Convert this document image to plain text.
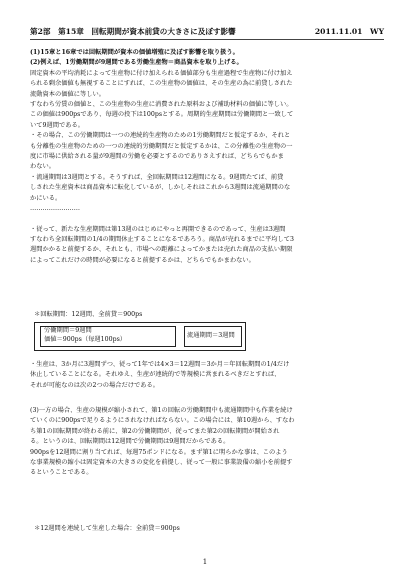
第2部　第15章　回転期間が資本前貸の大きさに及ぼす影響	2011.11.01　WY
(1)15章と16章では回転期間が資本の価値増殖に及ぼす影響を取り扱う。
(2)例えば、1労働期間が9週間である労働生産物＝商品資本を取り上げる。
固定資本の平均消耗によって生産物に付け加えられる価値部分も生産過程で生産物に付け加え
られる剰余価値も無視することにすれば、この生産物の価値は、その生産の為に前貸しされた
流動資本の価値に等しい。
すなわち労賃の価値と、この生産物の生産に消費された原料および補助材料の価値に等しい。
この価値は900psであり、毎週の投下は100psとする。周期的生産期間は労働期間と一致して
いて9週間である。
・その場合、この労働期間は一つの連続的生産物のための1労働期間だと仮定するか、それと
も分離性の生産物のための一つの連続的労働期間だと仮定するかは、この分離性の生産物の一
度に市場に供給される量が9週間の労働を必要とするのでありさえすれば、どちらでもかま
わない。
・流通期間は3週間とする。そうすれば、全回転期間は12週間になる。9週間たてば、前貸
しされた生産資本は商品資本に転化しているが、しかしそれはこれから3週間は流通期間のな
かにいる。
……………………
・従って、新たな生産期間は第13週のはじめにやっと再開できるのであって、生産は3週間
すなわち全回転期間の1/4の期間休止することになるであろう。商品が売れるまでに平均して3
週間かかると前提するか、それとも、市場への距離によってかまたは売れた商品の支払い期限
によってこれだけの時間が必要になると前提するかは、どちらでもかまわない。
＊回転期間：12週間、全前貸＝900ps
労働期間＝9週間
価値＝900ps（毎週100ps）
流通期間＝3週間
・生産は、3か月に3週間ずつ、従って1年では4×3＝12週間＝3か月＝年回転期間の1/4だけ
休止していることになる。それゆえ、生産が連続的で等規模に営まれるべきだとすれば、
それが可能なのは次の2つの場合だけである。
(3)一方の場合、生産の規模が縮小されて、第1の回転の労働期間中も流通期間中も作業を続け
ていくのに900psで足りるようにされなければならない。この場合には、第10週から、すなわ
ち第1の回転期間が終わる前に、第2の労働期間が、従ってまた第2の回転期間が開始され
る。というのは、回転期間は12週間で労働期間は9週間だからである。
900psを12週間に割り当てれば、毎週75ポンドになる。まず第1に明らかな事は、このよう
な事業規模の縮小は固定資本の大きさの変化を前提し、従って一般に事業設備の縮小を前提す
るということである。
＊12週間を連続して生産した場合：全前貸＝900ps
1
